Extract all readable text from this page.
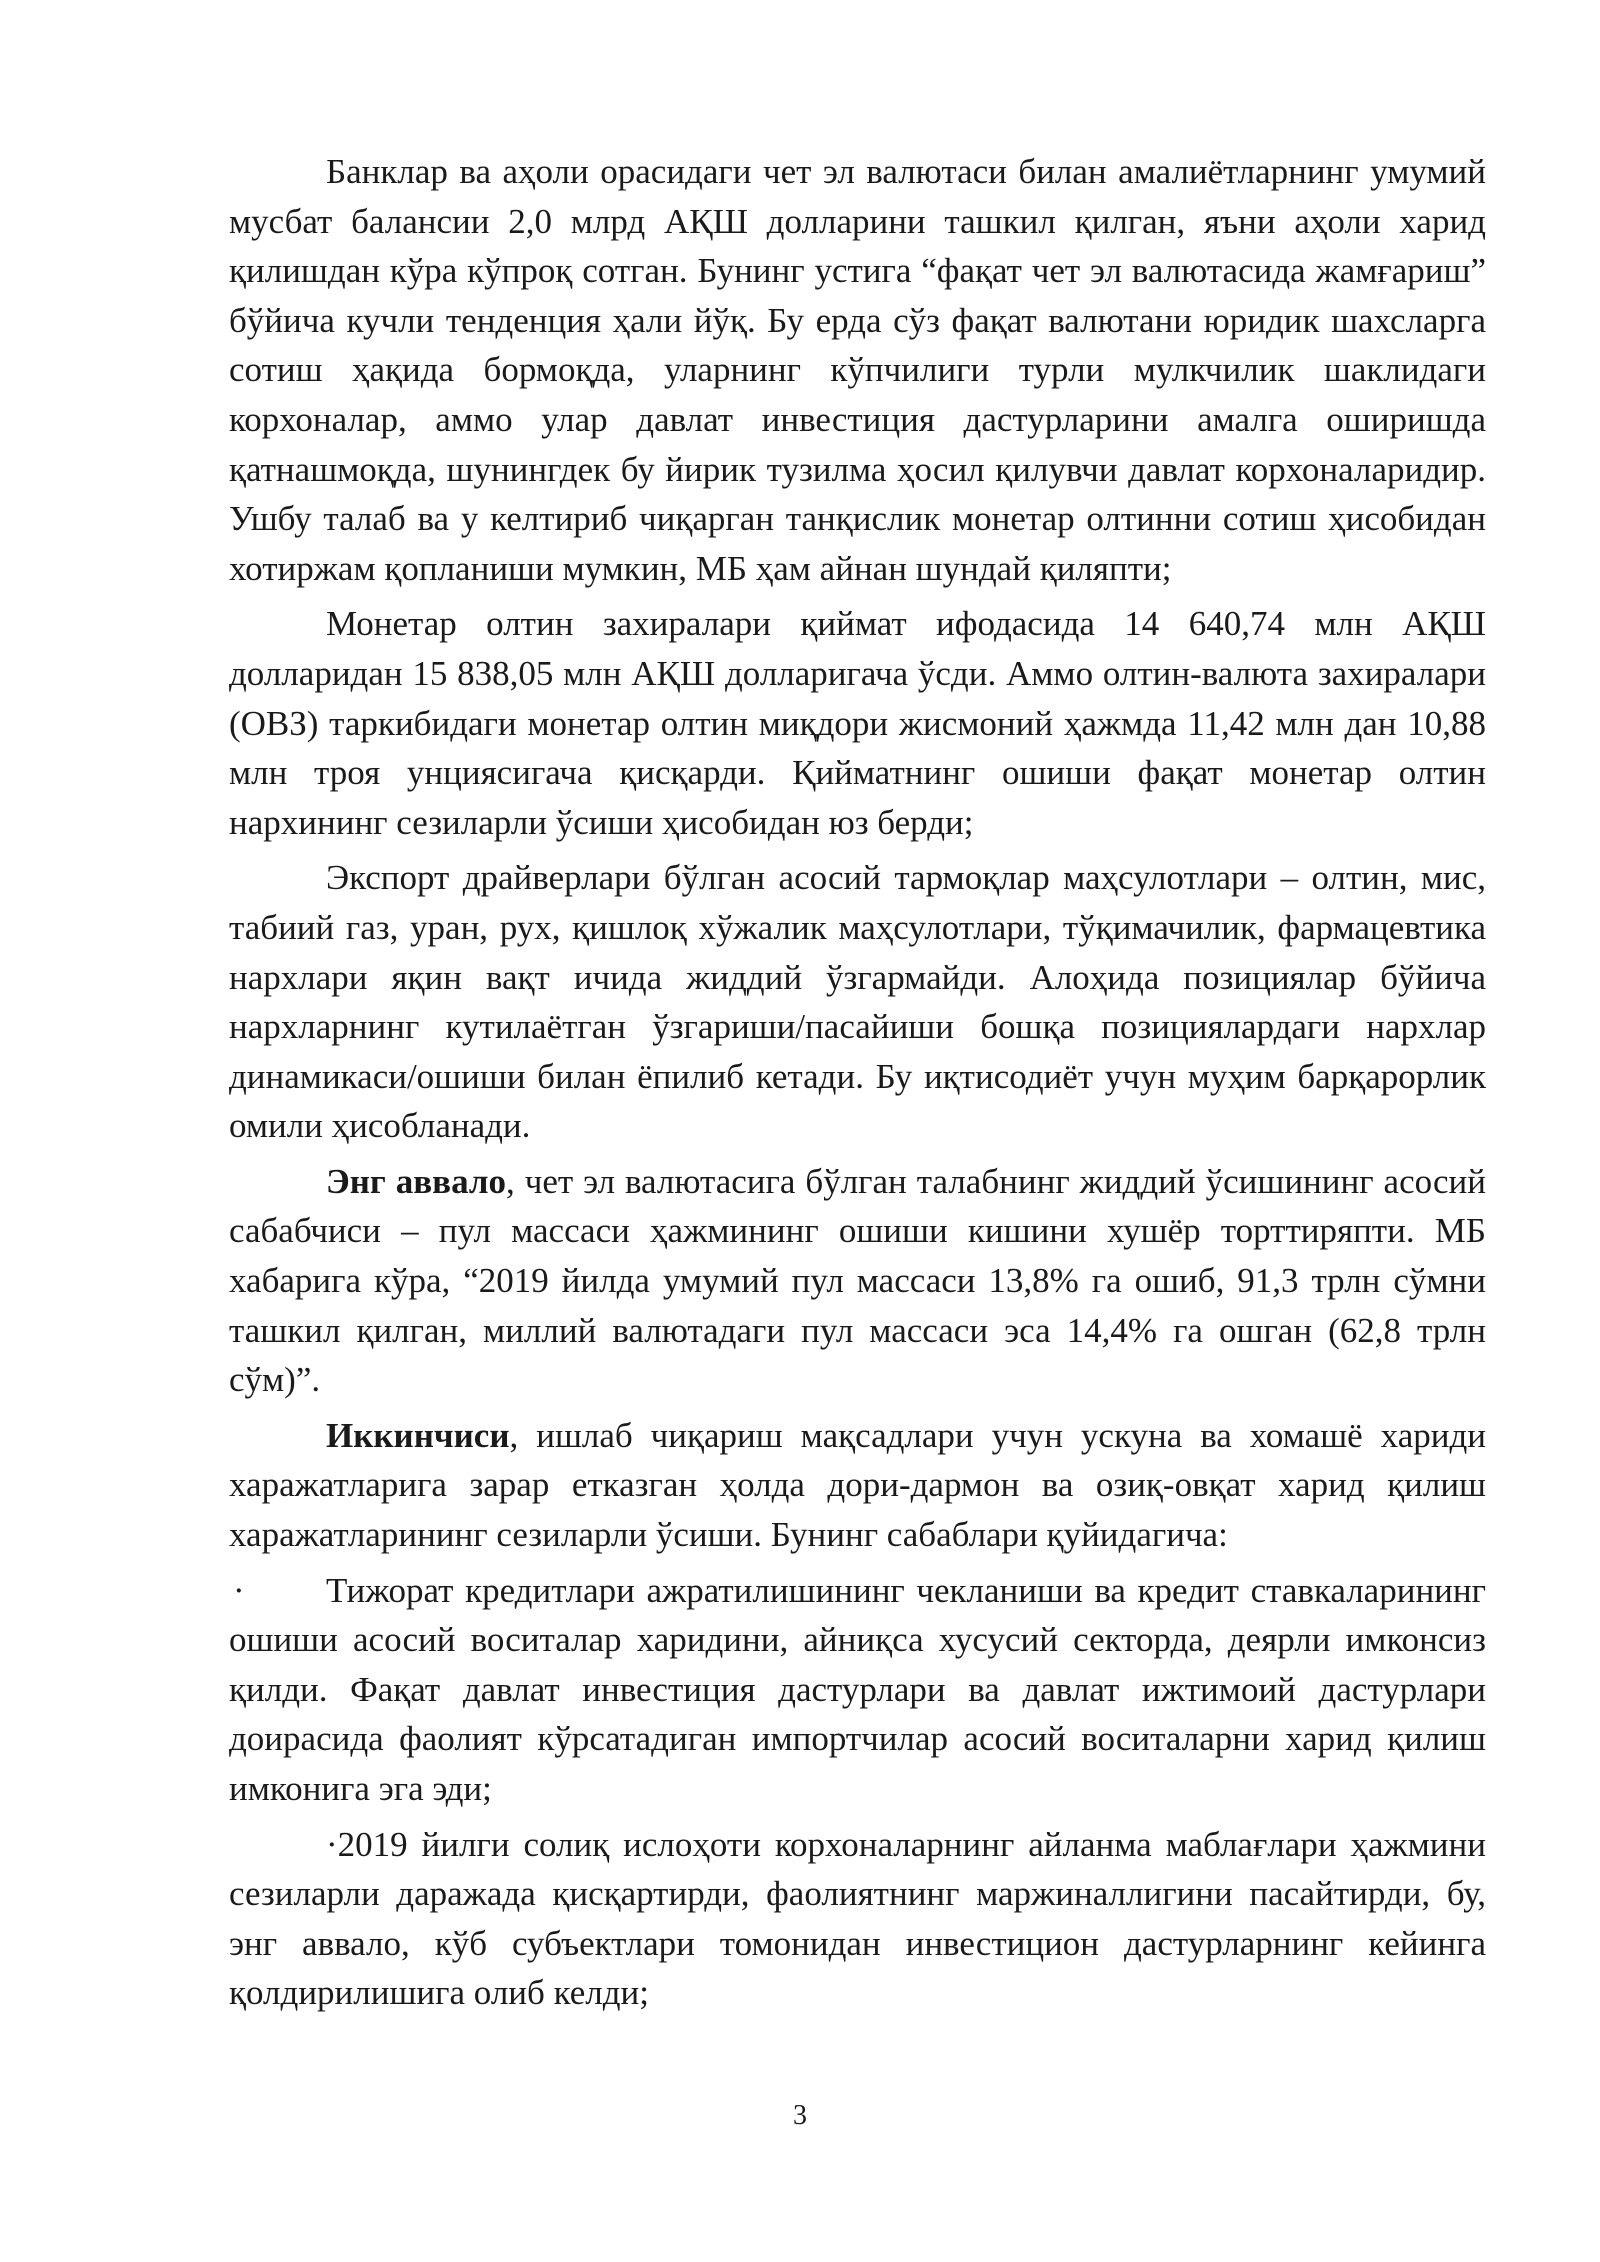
Банклар ва аҳоли орасидаги чет эл валютаси билан амалиётларнинг умумий мусбат балансии 2,0 млрд АҚШ долларини ташкил қилган, яъни аҳоли харид қилишдан кўра кўпроқ сотган. Бунинг устига “фақат чет эл валютасида жамғариш” бўйича кучли тенденция ҳали йўқ. Бу ерда сўз фақат валютани юридик шахсларга сотиш ҳақида бормоқда, уларнинг кўпчилиги турли мулкчилик шаклидаги корхоналар, аммо улар давлат инвестиция дастурларини амалга оширишда қатнашмоқда, шунингдек бу йирик тузилма ҳосил қилувчи давлат корхоналаридир. Ушбу талаб ва у келтириб чиқарган танқислик монетар олтинни сотиш ҳисобидан хотиржам қопланиши мумкин, МБ ҳам айнан шундай қиляпти;

Монетар олтин захиралари қиймат ифодасида 14 640,74 млн АҚШ долларидан 15 838,05 млн АҚШ долларигача ўсди. Аммо олтин-валюта захиралари (ОВЗ) таркибидаги монетар олтин миқдори жисмоний ҳажмда 11,42 млн дан 10,88 млн троя унциясигача қисқарди. Қийматнинг ошиши фақат монетар олтин нархининг сезиларли ўсиши ҳисобидан юз берди;

Экспорт драйверлари бўлган асосий тармоқлар маҳсулотлари – олтин, мис, табиий газ, уран, рух, қишлоқ хўжалик маҳсулотлари, тўқимачилик, фармацевтика нархлари яқин вақт ичида жиддий ўзгармайди. Алоҳида позициялар бўйича нархларнинг кутилаётган ўзгариши/пасайиши бошқа позициялардаги нархлар динамикаси/ошиши билан ёпилиб кетади. Бу иқтисодиёт учун муҳим барқарорлик омили ҳисобланади.

Энг аввало, чет эл валютасига бўлган талабнинг жиддий ўсишининг асосий сабабчиси – пул массаси ҳажмининг ошиши кишини хушёр торттиряпти. МБ хабарига кўра, “2019 йилда умумий пул массаси 13,8% га ошиб, 91,3 трлн сўмни ташкил қилган, миллий валютадаги пул массаси эса 14,4% га ошган (62,8 трлн сўм)”.

Иккинчиси, ишлаб чиқариш мақсадлари учун ускуна ва хомашё хариди харажатларига зарар етказган ҳолда дори-дармон ва озиқ-овқат харид қилиш харажатларининг сезиларли ўсиши. Бунинг сабаблари қуйидагича:

· Тижорат кредитлари ажратилишининг чекланиши ва кредит ставкаларининг ошиши асосий воситалар харидини, айниқса хусусий секторда, деярли имконсиз қилди. Фақат давлат инвестиция дастурлари ва давлат ижтимоий дастурлари доирасида фаолият кўрсатадиган импортчилар асосий воситаларни харид қилиш имконига эга эди;

·2019 йилги солиқ ислоҳоти корхоналарнинг айланма маблағлари ҳажмини сезиларли даражада қисқартирди, фаолиятнинг маржиналлигини пасайтирди, бу, энг аввало, кўб субъектлари томонидан инвестицион дастурларнинг кейинга қолдирилишига олиб келди;

3
